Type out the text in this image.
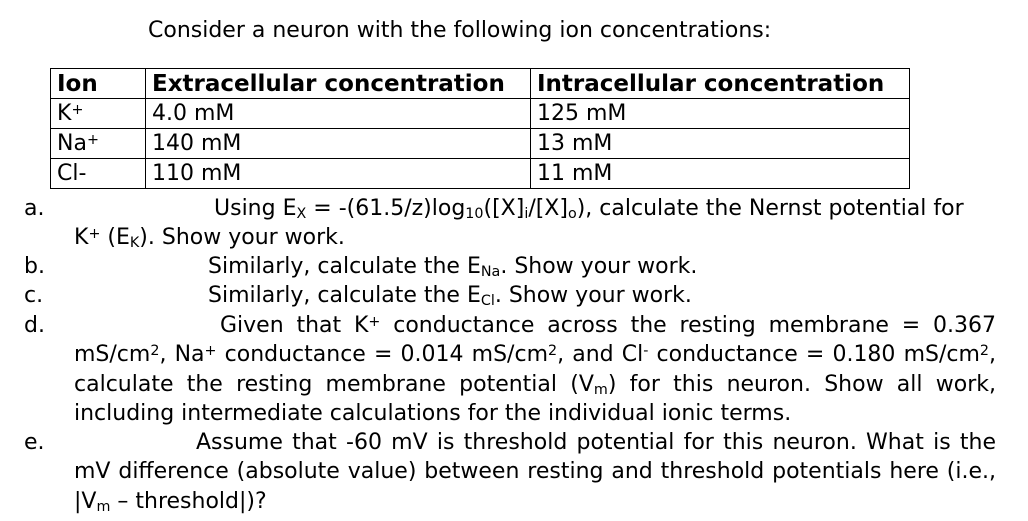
Consider a neuron with the following ion concentrations:
Ion	Extracellular concentration	Intracellular concentration
K+	4.0 mM	125 mM
Na+	140 mM	13 mM
Cl-	110 mM	11 mM
a.	Using $E_X = -(61.5/z)\log_{10}([X]_i/[X]_o)$, calculate the Nernst potential for
K+ $(E_K)$. Show your work.
b.	Similarly, calculate the $E_{Na}$. Show your work.
c.	Similarly, calculate the $E_{Cl}$. Show your work.
d.	Given that K+ conductance across the resting membrane = 0.367
$mS/cm^2$, Na+ conductance = 0.014 $mS/cm^2$, and Cl- conductance = 0.180 $mS/cm^2$,
calculate the resting membrane potential $(V_m)$ for this neuron. Show all work,
including intermediate calculations for the individual ionic terms.
e.	Assume that -60 mV is threshold potential for this neuron. What is the
mV difference (absolute value) between resting and threshold potentials here (i.e.,
$|V_m$ – threshold|)?
